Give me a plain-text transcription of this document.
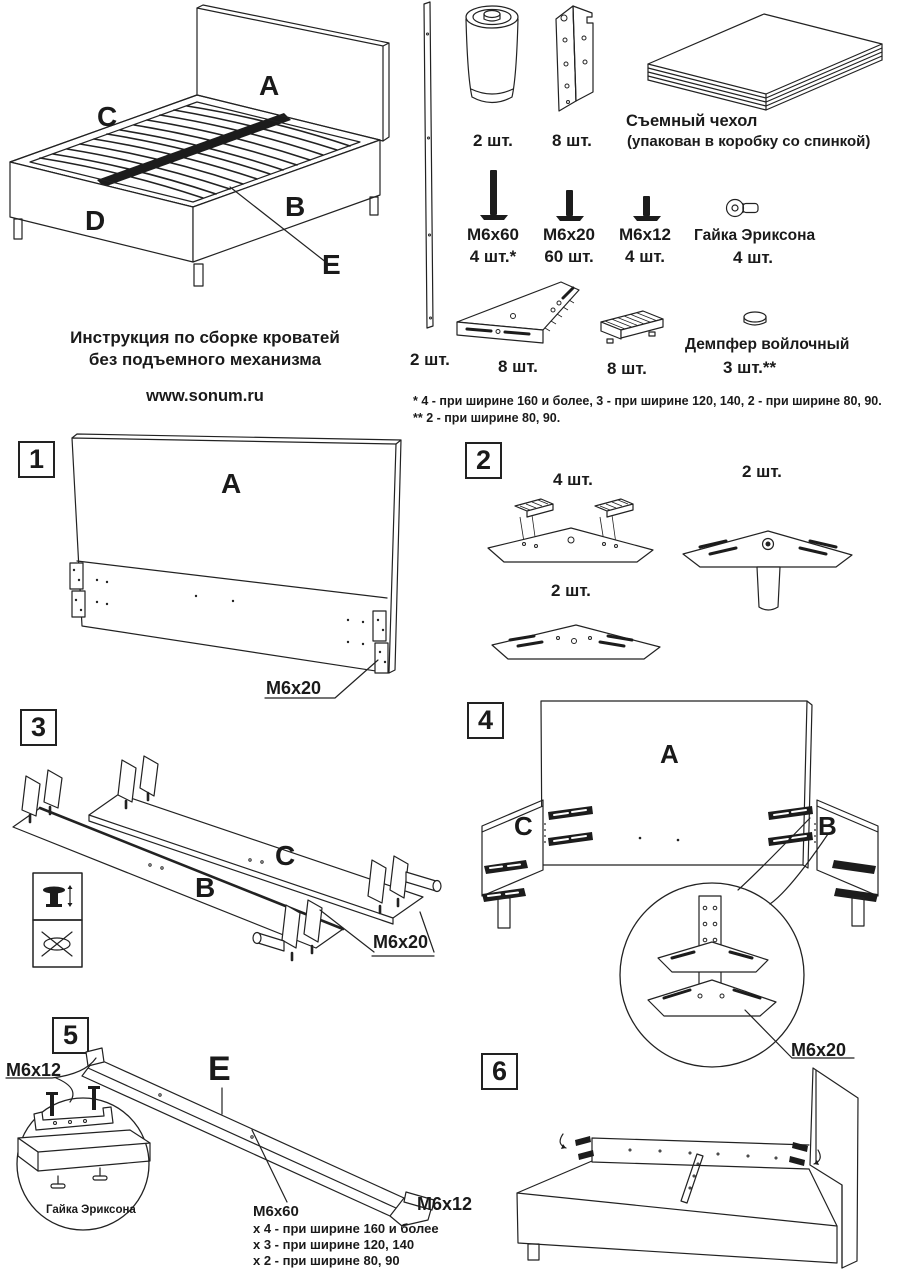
A
C
D	B
E
Инструкция по сборке кроватей
без подъемного механизма
www.sonum.ru
2 шт.
2 шт. 8 шт.
Съемный чехол
(упакован в коробку со спинкой)
M6x60
4 шт.*
M6x20
60 шт.
M6x12
4 шт.
Гайка Эриксона
4 шт.
8 шт.	8 шт.
Демпфер войлочный
3 шт.**
* 4 - при ширине 160 и более, 3 - при ширине 120, 140, 2 - при ширине 80, 90.
** 2 - при ширине 80, 90.
1
A
M6x20
2
4 шт.	2 шт.
2 шт.
3
B
C
M6x20
4
A
C	B
M6x20
5
E
M6x12
M6x12
Гайка Эриксона	M6x60
x 4 - при ширине 160 и более
x 3 - при ширине 120, 140
x 2 - при ширине 80, 90
6
